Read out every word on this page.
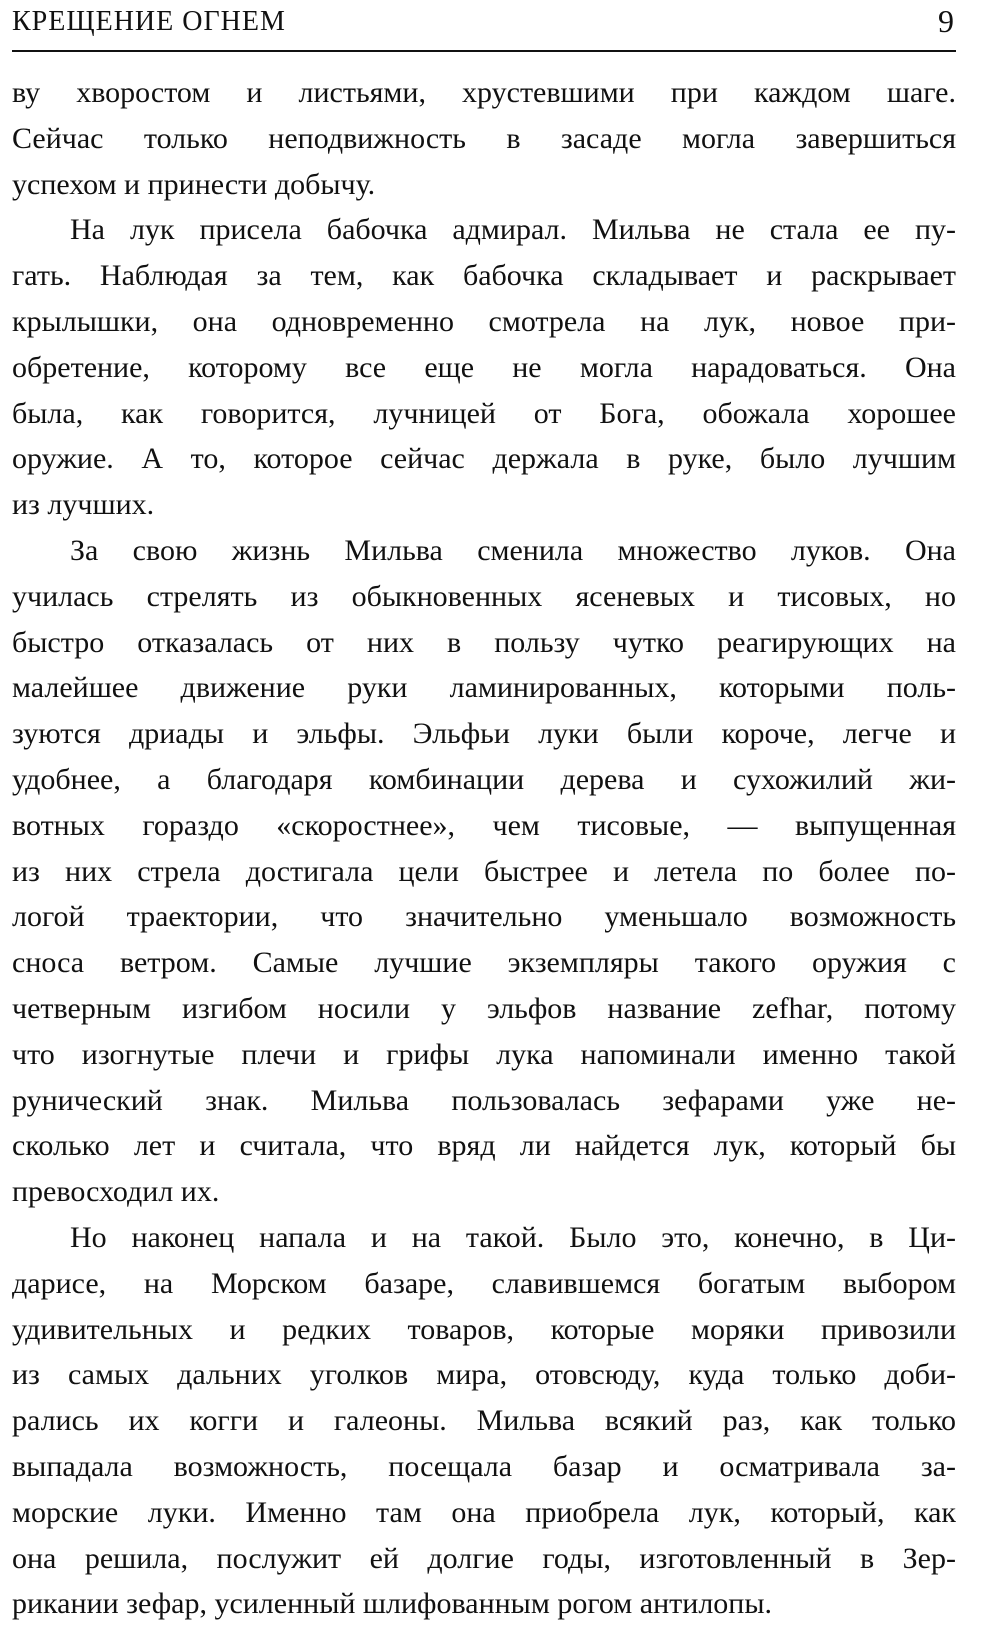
КРЕЩЕНИЕ ОГНЕМ	9
ву хворостом и листьями, хрустевшими при каждом шаге.
Сейчас только неподвижность в засаде могла завершиться
успехом и принести добычу.
На лук присела бабочка адмирал. Мильва не стала ее пу-
гать. Наблюдая за тем, как бабочка складывает и раскрывает
крылышки, она одновременно смотрела на лук, новое при-
обретение, которому все еще не могла нарадоваться. Она
была, как говорится, лучницей от Бога, обожала хорошее
оружие. А то, которое сейчас держала в руке, было лучшим
из лучших.
За свою жизнь Мильва сменила множество луков. Она
училась стрелять из обыкновенных ясеневых и тисовых, но
быстро отказалась от них в пользу чутко реагирующих на
малейшее движение руки ламинированных, которыми поль-
зуются дриады и эльфы. Эльфьи луки были короче, легче и
удобнее, а благодаря комбинации дерева и сухожилий жи-
вотных гораздо «скоростнее», чем тисовые, — выпущенная
из них стрела достигала цели быстрее и летела по более по-
логой траектории, что значительно уменьшало возможность
сноса ветром. Самые лучшие экземпляры такого оружия с
четверным изгибом носили у эльфов название zefhar, потому
что изогнутые плечи и грифы лука напоминали именно такой
рунический знак. Мильва пользовалась зефарами уже не-
сколько лет и считала, что вряд ли найдется лук, который бы
превосходил их.
Но наконец напала и на такой. Было это, конечно, в Ци-
дарисе, на Морском базаре, славившемся богатым выбором
удивительных и редких товаров, которые моряки привозили
из самых дальних уголков мира, отовсюду, куда только доби-
рались их когги и галеоны. Мильва всякий раз, как только
выпадала возможность, посещала базар и осматривала за-
морские луки. Именно там она приобрела лук, который, как
она решила, послужит ей долгие годы, изготовленный в Зер-
рикании зефар, усиленный шлифованным рогом антилопы.
